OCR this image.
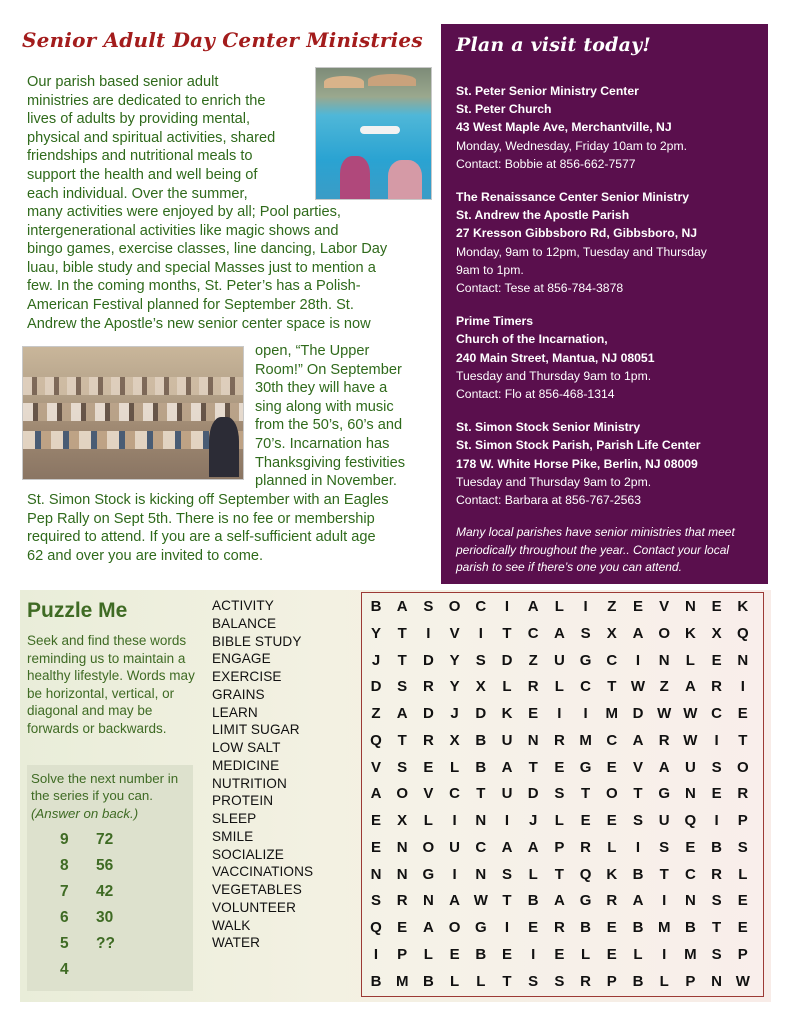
Senior Adult Day Center Ministries
Our parish based senior adult
ministries are dedicated to enrich the
lives of adults by providing mental,
physical and spiritual activities, shared
friendships and nutritional meals to
support the health and well being of
each individual. Over the summer,
many activities were enjoyed by all; Pool parties,
intergenerational activities like magic shows and
bingo games, exercise classes, line dancing, Labor Day
luau, bible study and special Masses just to mention a
few. In the coming months, St. Peter’s has a Polish-
American Festival planned for September 28th. St.
Andrew the Apostle’s new senior center space is now
open, “The Upper
Room!” On September
30th they will have a
sing along with music
from the 50’s, 60’s and
70’s. Incarnation has
Thanksgiving festivities
planned in November.
St. Simon Stock is kicking off September with an Eagles
Pep Rally on Sept 5th. There is no fee or membership
required to attend. If you are a self-sufficient adult age
62 and over you are invited to come.
Plan a visit today!
St. Peter Senior Ministry Center
St. Peter Church
43 West Maple Ave, Merchantville, NJ
Monday, Wednesday, Friday 10am to 2pm.
Contact: Bobbie at 856-662-7577
The Renaissance Center Senior Ministry
St. Andrew the Apostle Parish
27 Kresson Gibbsboro Rd, Gibbsboro, NJ
Monday, 9am to 12pm, Tuesday and Thursday
9am to 1pm.
Contact: Tese at 856-784-3878
Prime Timers
Church of the Incarnation,
240 Main Street, Mantua, NJ 08051
Tuesday and Thursday 9am to 1pm.
Contact: Flo at 856-468-1314
St. Simon Stock Senior Ministry
St. Simon Stock Parish, Parish Life Center
178 W. White Horse Pike, Berlin, NJ 08009
Tuesday and Thursday 9am to 2pm.
Contact: Barbara at 856-767-2563
Many local parishes have senior ministries that meet periodically throughout the year.. Contact your local parish to see if there’s one you can attend.
Puzzle Me
Seek and find these words reminding us to maintain a healthy lifestyle. Words may be horizontal, vertical, or diagonal and may be forwards or backwards.
Solve the next number in the series if you can.
(Answer on back.)
9	72
8	56
7	42
6	30
5	??
4
ACTIVITY
BALANCE
BIBLE STUDY
ENGAGE
EXERCISE
GRAINS
LEARN
LIMIT SUGAR
LOW SALT
MEDICINE
NUTRITION
PROTEIN
SLEEP
SMILE
SOCIALIZE
VACCINATIONS
VEGETABLES
VOLUNTEER
WALK
WATER
B	A	S	O C	I	A	L	I	Z	E	V	N	E	K
Y	T	I	V	I	T	C	A	S	X	A O K	X	Q
J	T	D	Y	S	D	Z	U G C	I	N	L	E	N
D	S	R	Y	X	L	R	L	C	T W Z	A	R	I
Z	A	D	J	D	K	E	I	I	M D W W C	E
Q	T	R	X	B	U	N	R M C	A	R W	I	T
V	S	E	L	B	A	T	E	G	E	V	A	U	S	O
A O	V	C	T	U	D	S	T	O	T	G N	E	R
E	X	L	I	N	I	J	L	E	E	S	U Q	I	P
E	N O U	C	A	A	P	R	L	I	S	E	B	S
N	N G	I	N	S	L	T	Q K	B	T	C	R	L
S	R	N	A W T	B	A G R	A	I	N	S	E
Q	E	A O G	I	E	R	B	E	B M B	T	E
I	P	L	E	B	E	I	E	L	E	L	I	M S	P
B M B	L	L	T	S	S	R	P	B	L	P	N W
